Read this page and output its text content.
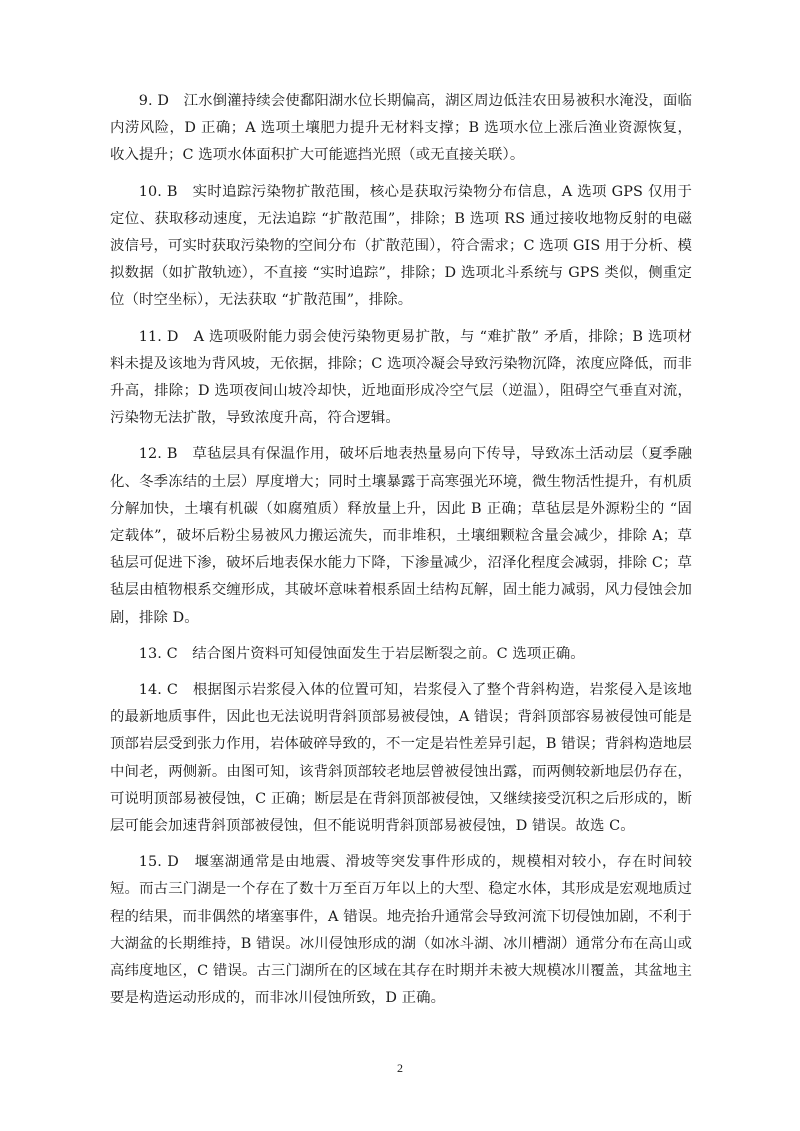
9. D　江水倒灌持续会使鄱阳湖水位长期偏高，湖区周边低洼农田易被积水淹没，面临内涝风险，D 正确；A 选项土壤肥力提升无材料支撑；B 选项水位上涨后渔业资源恢复，收入提升；C 选项水体面积扩大可能遮挡光照（或无直接关联）。

10. B　实时追踪污染物扩散范围，核心是获取污染物分布信息，A 选项 GPS 仅用于定位、获取移动速度，无法追踪 “扩散范围”，排除；B 选项 RS 通过接收地物反射的电磁波信号，可实时获取污染物的空间分布（扩散范围），符合需求；C 选项 GIS 用于分析、模拟数据（如扩散轨迹），不直接 “实时追踪”，排除；D 选项北斗系统与 GPS 类似，侧重定位（时空坐标），无法获取 “扩散范围”，排除。

11. D　A 选项吸附能力弱会使污染物更易扩散，与 “难扩散” 矛盾，排除；B 选项材料未提及该地为背风坡，无依据，排除；C 选项冷凝会导致污染物沉降，浓度应降低，而非升高，排除；D 选项夜间山坡冷却快，近地面形成冷空气层（逆温），阻碍空气垂直对流，污染物无法扩散，导致浓度升高，符合逻辑。

12. B　草毡层具有保温作用，破坏后地表热量易向下传导，导致冻土活动层（夏季融化、冬季冻结的土层）厚度增大；同时土壤暴露于高寒强光环境，微生物活性提升，有机质分解加快，土壤有机碳（如腐殖质）释放量上升，因此 B 正确；草毡层是外源粉尘的 “固定载体”，破坏后粉尘易被风力搬运流失，而非堆积，土壤细颗粒含量会减少，排除 A；草毡层可促进下渗，破坏后地表保水能力下降，下渗量减少，沼泽化程度会减弱，排除 C；草毡层由植物根系交缠形成，其破坏意味着根系固土结构瓦解，固土能力减弱，风力侵蚀会加剧，排除 D。

13. C　结合图片资料可知侵蚀面发生于岩层断裂之前。C 选项正确。

14. C　根据图示岩浆侵入体的位置可知，岩浆侵入了整个背斜构造，岩浆侵入是该地的最新地质事件，因此也无法说明背斜顶部易被侵蚀，A 错误；背斜顶部容易被侵蚀可能是顶部岩层受到张力作用，岩体破碎导致的，不一定是岩性差异引起，B 错误；背斜构造地层中间老，两侧新。由图可知，该背斜顶部较老地层曾被侵蚀出露，而两侧较新地层仍存在，可说明顶部易被侵蚀，C 正确；断层是在背斜顶部被侵蚀，又继续接受沉积之后形成的，断层可能会加速背斜顶部被侵蚀，但不能说明背斜顶部易被侵蚀，D 错误。故选 C。

15. D　堰塞湖通常是由地震、滑坡等突发事件形成的，规模相对较小，存在时间较短。而古三门湖是一个存在了数十万至百万年以上的大型、稳定水体，其形成是宏观地质过程的结果，而非偶然的堵塞事件，A 错误。地壳抬升通常会导致河流下切侵蚀加剧，不利于大湖盆的长期维持，B 错误。冰川侵蚀形成的湖（如冰斗湖、冰川槽湖）通常分布在高山或高纬度地区，C 错误。古三门湖所在的区域在其存在时期并未被大规模冰川覆盖，其盆地主要是构造运动形成的，而非冰川侵蚀所致，D 正确。

2
